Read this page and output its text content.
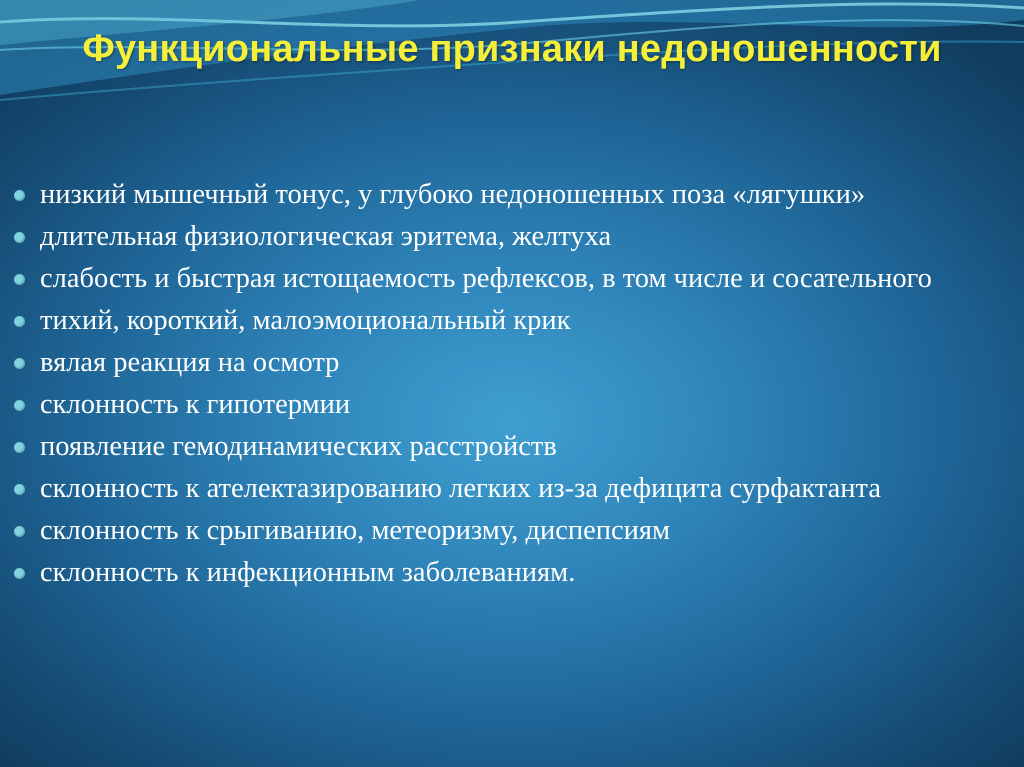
Функциональные признаки недоношенности
низкий мышечный тонус, у глубоко недоношенных поза «лягушки»
длительная физиологическая эритема, желтуха
слабость и быстрая истощаемость рефлексов, в том числе и сосательного
тихий, короткий, малоэмоциональный крик
вялая реакция на осмотр
склонность к гипотермии
появление гемодинамических расстройств
склонность к ателектазированию легких из-за дефицита сурфактанта
склонность к срыгиванию, метеоризму, диспепсиям
склонность к инфекционным заболеваниям.
